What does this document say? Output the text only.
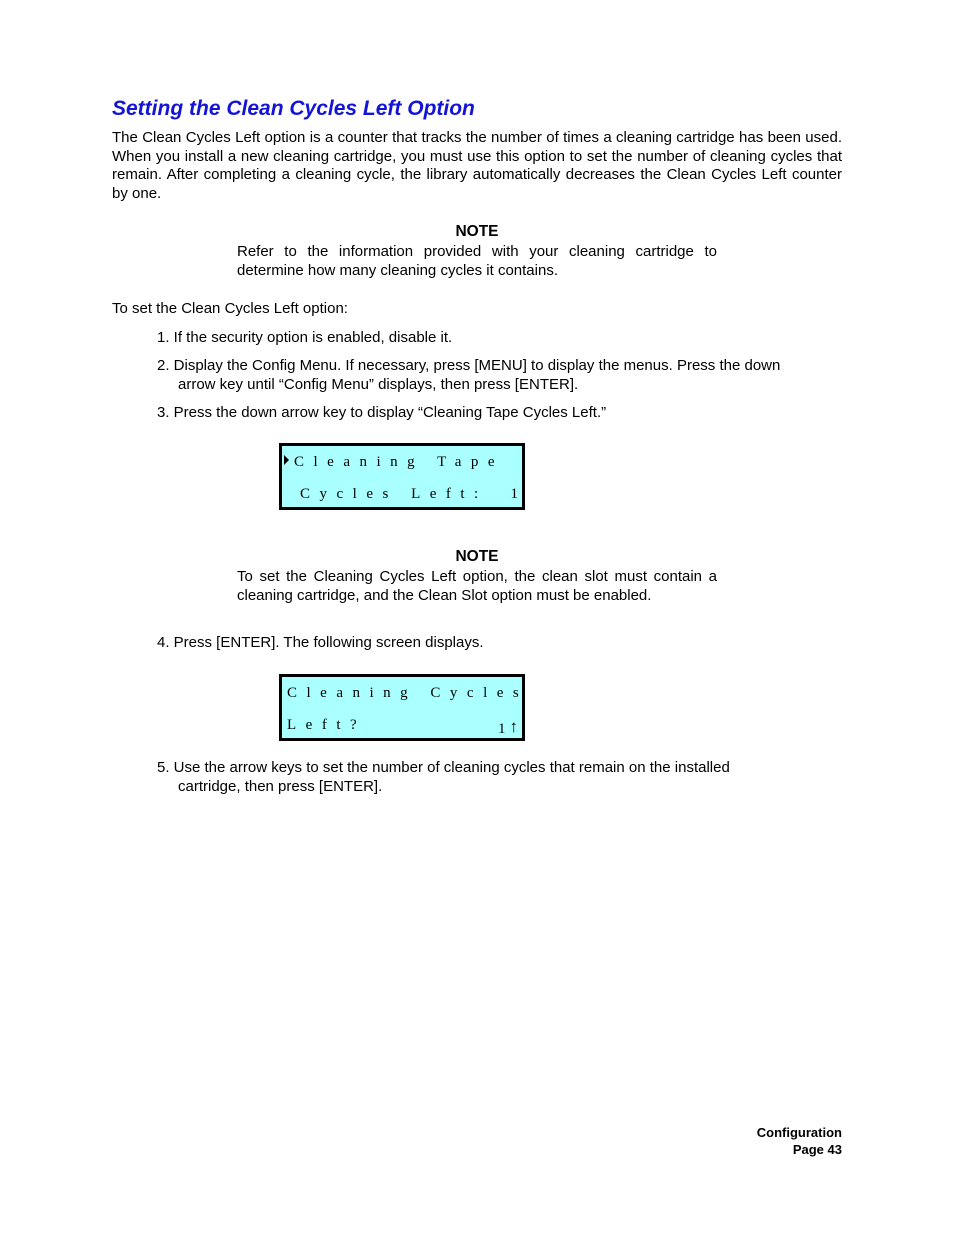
Setting the Clean Cycles Left Option

The Clean Cycles Left option is a counter that tracks the number of times a cleaning cartridge has been used. When you install a new cleaning cartridge, you must use this option to set the number of cleaning cycles that remain. After completing a cleaning cycle, the library automatically decreases the Clean Cycles Left counter by one.

NOTE

Refer to the information provided with your cleaning cartridge to
determine how many cleaning cycles it contains.

To set the Clean Cycles Left option:

1. If the security option is enabled, disable it.

2. Display the Config Menu. If necessary, press [MENU] to display the menus. Press the down
arrow key until “Config Menu” displays, then press [ENTER].

3. Press the down arrow key to display “Cleaning Tape Cycles Left.”

Cleaning Tape

Cycles Left:

1

NOTE

To set the Cleaning Cycles Left option, the clean slot must contain a
cleaning cartridge, and the Clean Slot option must be enabled.

4. Press [ENTER]. The following screen displays.

Cleaning Cycles

Left?

	1 ↑

5. Use the arrow keys to set the number of cleaning cycles that remain on the installed
cartridge, then press [ENTER].

Configuration
Page 43
